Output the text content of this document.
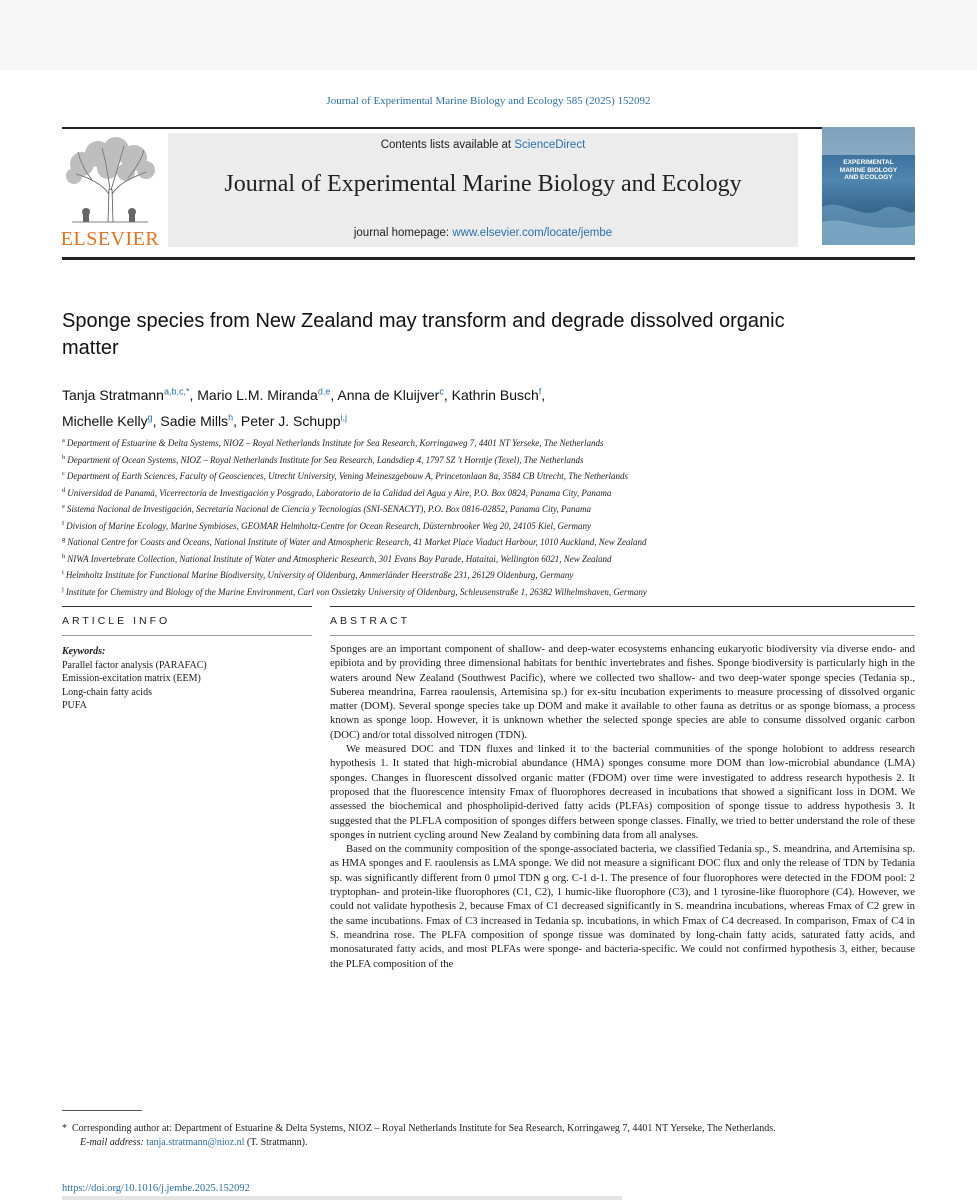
Journal of Experimental Marine Biology and Ecology 585 (2025) 152092
ELSEVIER
Contents lists available at ScienceDirect
Journal of Experimental Marine Biology and Ecology
journal homepage: www.elsevier.com/locate/jembe
EXPERIMENTAL
MARINE BIOLOGY
AND ECOLOGY
Sponge species from New Zealand may transform and degrade dissolved organic matter
Tanja Stratmann$^{a,b,c,*}$, Mario L.M. Miranda$^{d,e}$, Anna de Kluijver$^c$, Kathrin Busch$^f$,
Michelle Kelly$^g$, Sadie Mills$^h$, Peter J. Schupp$^{i,j}$
$^a$ Department of Estuarine & Delta Systems, NIOZ – Royal Netherlands Institute for Sea Research, Korringaweg 7, 4401 NT Yerseke, The Netherlands
$^b$ Department of Ocean Systems, NIOZ – Royal Netherlands Institute for Sea Research, Landsdiep 4, 1797 SZ 't Horntje (Texel), The Netherlands
$^c$ Department of Earth Sciences, Faculty of Geosciences, Utrecht University, Vening Meineszgebouw A, Princetonlaan 8a, 3584 CB Utrecht, The Netherlands
$^d$ Universidad de Panamá, Vicerrectoría de Investigación y Posgrado, Laboratorio de la Calidad del Agua y Aire, P.O. Box 0824, Panama City, Panama
$^e$ Sistema Nacional de Investigación, Secretaría Nacional de Ciencia y Tecnologías (SNI-SENACYT), P.O. Box 0816-02852, Panama City, Panama
$^f$ Division of Marine Ecology, Marine Symbioses, GEOMAR Helmholtz-Centre for Ocean Research, Düsternbrooker Weg 20, 24105 Kiel, Germany
$^g$ National Centre for Coasts and Oceans, National Institute of Water and Atmospheric Research, 41 Market Place Viaduct Harbour, 1010 Auckland, New Zealand
$^h$ NIWA Invertebrate Collection, National Institute of Water and Atmospheric Research, 301 Evans Bay Parade, Hataitai, Wellington 6021, New Zealand
$^i$ Helmholtz Institute for Functional Marine Biodiversity, University of Oldenburg, Ammerländer Heerstraße 231, 26129 Oldenburg, Germany
$^j$ Institute for Chemistry and Biology of the Marine Environment, Carl von Ossietzky University of Oldenburg, Schleusenstraße 1, 26382 Wilhelmshaven, Germany
ARTICLE INFO
Keywords:
Parallel factor analysis (PARAFAC)
Emission-excitation matrix (EEM)
Long-chain fatty acids
PUFA
ABSTRACT

Sponges are an important component of shallow- and deep-water ecosystems enhancing eukaryotic biodiversity via diverse endo- and epibiota and by providing three dimensional habitats for benthic invertebrates and fishes. Sponge biodiversity is particularly high in the waters around New Zealand (Southwest Pacific), where we collected two shallow- and two deep-water sponge species (Tedania sp., Suberea meandrina, Farrea raoulensis, Artemisina sp.) for ex-situ incubation experiments to measure processing of dissolved organic matter (DOM). Several sponge species take up DOM and make it available to other fauna as detritus or as sponge biomass, a process known as sponge loop. However, it is unknown whether the selected sponge species are able to consume dissolved organic carbon (DOC) and/or total dissolved nitrogen (TDN).

We measured DOC and TDN fluxes and linked it to the bacterial communities of the sponge holobiont to address research hypothesis 1. It stated that high-microbial abundance (HMA) sponges consume more DOM than low-microbial abundance (LMA) sponges. Changes in fluorescent dissolved organic matter (FDOM) over time were investigated to address research hypothesis 2. It proposed that the fluorescence intensity Fmax of fluorophores decreased in incubations that showed a significant loss in DOM. We assessed the biochemical and phospholipid-derived fatty acids (PLFAs) composition of sponge tissue to address hypothesis 3. It suggested that the PLFLA composition of sponges differs between sponge classes. Finally, we tried to better understand the role of these sponges in nutrient cycling around New Zealand by combining data from all analyses.

Based on the community composition of the sponge-associated bacteria, we classified Tedania sp., S. meandrina, and Artemisina sp. as HMA sponges and F. raoulensis as LMA sponge. We did not measure a significant DOC flux and only the release of TDN by Tedania sp. was significantly different from 0 µmol TDN g org. C-1 d-1. The presence of four fluorophores were detected in the FDOM pool: 2 tryptophan- and protein-like fluorophores (C1, C2), 1 humic-like fluorophore (C3), and 1 tyrosine-like fluorophore (C4). However, we could not validate hypothesis 2, because Fmax of C1 decreased significantly in S. meandrina incubations, whereas Fmax of C2 grew in the same incubations. Fmax of C3 increased in Tedania sp. incubations, in which Fmax of C4 decreased. In comparison, Fmax of C4 in S. meandrina rose. The PLFA composition of sponge tissue was dominated by long-chain fatty acids, saturated fatty acids, and monosaturated fatty acids, and most PLFAs were sponge- and bacteria-specific. We could not confirmed hypothesis 3, either, because the PLFA composition of the

* Corresponding author at: Department of Estuarine & Delta Systems, NIOZ – Royal Netherlands Institute for Sea Research, Korringaweg 7, 4401 NT Yerseke, The Netherlands.
E-mail address: tanja.stratmann@nioz.nl (T. Stratmann).
https://doi.org/10.1016/j.jembe.2025.152092
